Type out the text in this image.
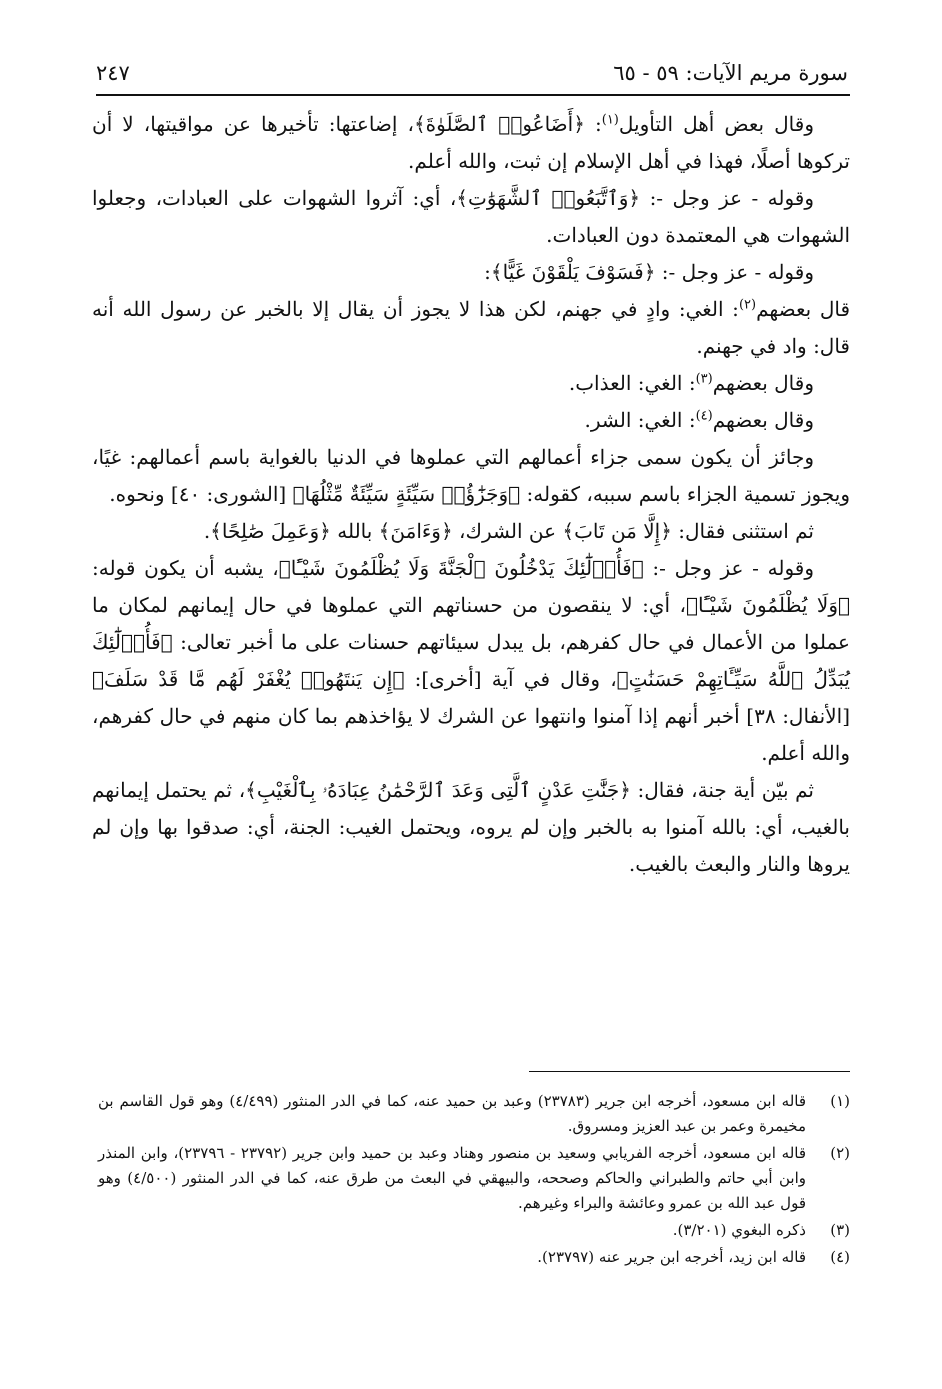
سورة مريم الآيات: ٥٩ - ٦٥
٢٤٧

وقال بعض أهل التأويل$^{(١)}$: ﴿أَضَاعُوا۟ ٱلصَّلَوٰةَ﴾، إضاعتها: تأخيرها عن مواقيتها، لا أن تركوها أصلًا، فهذا في أهل الإسلام إن ثبت، والله أعلم.

وقوله - عز وجل -: ﴿وَٱتَّبَعُوا۟ ٱلشَّهَوَٰتِ﴾، أي: آثروا الشهوات على العبادات، وجعلوا الشهوات هي المعتمدة دون العبادات.

وقوله - عز وجل -: ﴿فَسَوْفَ يَلْقَوْنَ غَيًّا﴾:

قال بعضهم$^{(٢)}$: الغي: وادٍ في جهنم، لكن هذا لا يجوز أن يقال إلا بالخبر عن رسول الله أنه قال: واد في جهنم.

وقال بعضهم$^{(٣)}$: الغي: العذاب.

وقال بعضهم$^{(٤)}$: الغي: الشر.

وجائز أن يكون سمى جزاء أعمالهم التي عملوها في الدنيا بالغواية باسم أعمالهم: غيًا، ويجوز تسمية الجزاء باسم سببه، كقوله: ﴿وَجَزَٰٓؤُا۟ سَيِّئَةٍ سَيِّئَةٌ مِّثْلُهَا﴾ [الشورى: ٤٠] ونحوه.

ثم استثنى فقال: ﴿إِلَّا مَن تَابَ﴾ عن الشرك، ﴿وَءَامَنَ﴾ بالله ﴿وَعَمِلَ صَٰلِحًا﴾.

وقوله - عز وجل -: ﴿فَأُو۟لَٰٓئِكَ يَدْخُلُونَ ٱلْجَنَّةَ وَلَا يُظْلَمُونَ شَيْـًٔا﴾، يشبه أن يكون قوله: ﴿وَلَا يُظْلَمُونَ شَيْـًٔا﴾، أي: لا ينقصون من حسناتهم التي عملوها في حال إيمانهم لمكان ما عملوا من الأعمال في حال كفرهم، بل يبدل سيئاتهم حسنات على ما أخبر تعالى: ﴿فَأُو۟لَٰٓئِكَ يُبَدِّلُ ٱللَّهُ سَيِّـَٔاتِهِمْ حَسَنَٰتٍ﴾، وقال في آية [أخرى]: ﴿إِن يَنتَهُوا۟ يُغْفَرْ لَهُم مَّا قَدْ سَلَفَ﴾ [الأنفال: ٣٨] أخبر أنهم إذا آمنوا وانتهوا عن الشرك لا يؤاخذهم بما كان منهم في حال كفرهم، والله أعلم.

ثم بيّن أية جنة، فقال: ﴿جَنَّٰتِ عَدْنٍ ٱلَّتِى وَعَدَ ٱلرَّحْمَٰنُ عِبَادَهُۥ بِٱلْغَيْبِ﴾، ثم يحتمل إيمانهم بالغيب، أي: بالله آمنوا به بالخبر وإن لم يروه، ويحتمل الغيب: الجنة، أي: صدقوا بها وإن لم يروها والنار والبعث بالغيب.

(١)
قاله ابن مسعود، أخرجه ابن جرير (٢٣٧٨٣) وعبد بن حميد عنه، كما في الدر المنثور (٤/٤٩٩) وهو قول القاسم بن مخيمرة وعمر بن عبد العزيز ومسروق.
(٢)
قاله ابن مسعود، أخرجه الفريابي وسعيد بن منصور وهناد وعبد بن حميد وابن جرير (٢٣٧٩٢ - ٢٣٧٩٦)، وابن المنذر وابن أبي حاتم والطبراني والحاكم وصححه، والبيهقي في البعث من طرق عنه، كما في الدر المنثور (٤/٥٠٠) وهو قول عبد الله بن عمرو وعائشة والبراء وغيرهم.
(٣)
ذكره البغوي (٣/٢٠١).
(٤)
قاله ابن زيد، أخرجه ابن جرير عنه (٢٣٧٩٧).
